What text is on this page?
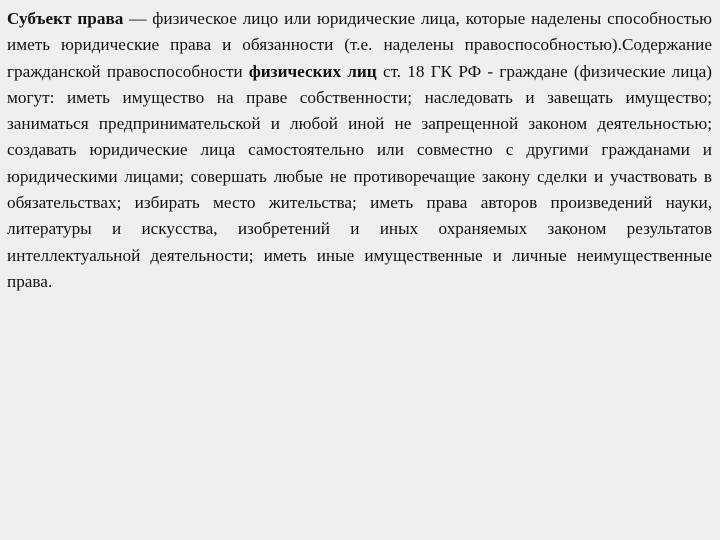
Субъект права — физическое лицо или юридические лица, которые наделены способностью иметь юридические права и обязанности (т.е. наделены правоспособностью).Содержание гражданской правоспособности физических лиц ст. 18 ГК РФ - граждане (физические лица) могут: иметь имущество на праве собственности; наследовать и завещать имущество; заниматься предпринимательской и любой иной не запрещенной законом деятельностью; создавать юридические лица самостоятельно или совместно с другими гражданами и юридическими лицами; совершать любые не противоречащие закону сделки и участвовать в обязательствах; избирать место жительства; иметь права авторов произведений науки, литературы и искусства, изобретений и иных охраняемых законом результатов интеллектуальной деятельности; иметь иные имущественные и личные неимущественные права.
